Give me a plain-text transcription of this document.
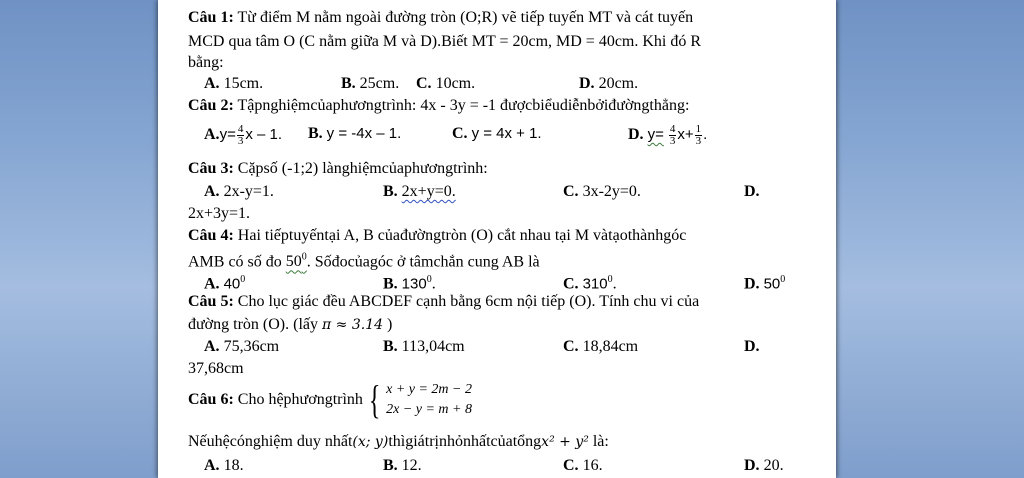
Câu 1: Từ điểm M nằm ngoài đường tròn (O;R) vẽ tiếp tuyến MT và cát tuyến
MCD qua tâm O (C nằm giữa M và D).Biết MT = 20cm, MD = 40cm. Khi đó R
bằng:
A. 15cm.	B. 25cm. C. 10cm.	D. 20cm.
Câu 2: Tậpnghiệmcủaphươngtrình: 4x - 3y = -1 đượcbiểudiễnbởiđườngthẳng:
$A.y= \frac{4}{3}$ x – 1. B. y = -4x – 1.	C. y = 4x + 1.	D. $y= \frac{4}{3} x+ \frac{1}{3}$ .
Câu 3: Cặpsố (-1;2) lànghiệmcủaphươngtrình:
A. 2x-y=1.	B. 2x+y=0.	C. 3x-2y=0.	D.
2x+3y=1.
Câu 4: Hai tiếptuyếntại A, B củađườngtròn (O) cắt nhau tại M vàtạothànhgóc
AMB có số đo $50^0$. Sốđocủagóc ở tâmchắn cung AB là
A. $40^0$	B. $130^0$.	C. $310^0$.	D. $50^0$
Câu 5: Cho lục giác đều ABCDEF cạnh bằng 6cm nội tiếp (O). Tính chu vi của
đường tròn (O). (lấy π ≈ 3.14 )
A. 75,36cm	B. 113,04cm	C. 18,84cm	D.
37,68cm
Câu 6: Cho hệphươngtrình { x + y = 2m − 2
2x − y = m + 8
Nếuhệcónghiệm duy nhất(x; y)thìgiátrịnhỏnhấtcủatổngx² + y² là:
A. 18.	B. 12.	C. 16.	D. 20.
